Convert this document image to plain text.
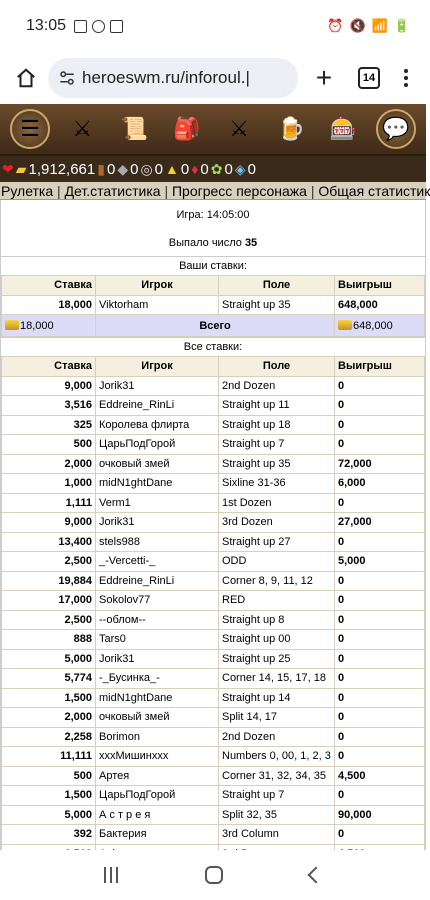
13:05	⏰ 🔇 📶 🔋
heroeswm.ru/inforoul.|	+	14
☰	⚔	📜 🎒	⚔	🍺 🎰 💬
❤ ▰ 1,912,661 ▮ 0 ◆ 0 ◎ 0 ▲ 0 ♦ 0 ✿ 0 ◈ 0
Рулетка | Дет.статистика | Прогресс персонажа | Общая статистик
Игра: 14:05:00
Выпало число 35
Ваши ставки:
Ставка	Игрок	Поле	Выигрыш
18,000	Viktorham	Straight up 35	648,000
18,000	Всего		648,000
Все ставки:
Ставка	Игрок	Поле	Выигрыш
9,000	Jorik31	2nd Dozen	0
3,516	Eddreine_RinLi	Straight up 11	0
325	Королева флирта	Straight up 18	0
500	ЦарьПодГорой	Straight up 7	0
2,000	очковый змей	Straight up 35	72,000
1,000	midN1ghtDane	Sixline 31-36	6,000
1,111	Verm1	1st Dozen	0
9,000	Jorik31	3rd Dozen	27,000
13,400	stels988	Straight up 27	0
2,500	_-Vercetti-_	ODD	5,000
19,884	Eddreine_RinLi	Corner 8, 9, 11, 12	0
17,000	Sokolov77	RED	0
2,500	--облом--	Straight up 8	0
888	Tars0	Straight up 00	0
5,000	Jorik31	Straight up 25	0
5,774	-_Бусинка_-	Corner 14, 15, 17, 18	0
1,500	midN1ghtDane	Straight up 14	0
2,000	очковый змей	Split 14, 17	0
2,258	Borimon	2nd Dozen	0
11,111	xxxМишинxxx	Numbers 0, 00, 1, 2, 3	0
500	Артея	Corner 31, 32, 34, 35	4,500
1,500	ЦарьПодГорой	Straight up 7	0
5,000	А с т р е я	Split 32, 35	90,000
392	Бактерия	3rd Column	0
